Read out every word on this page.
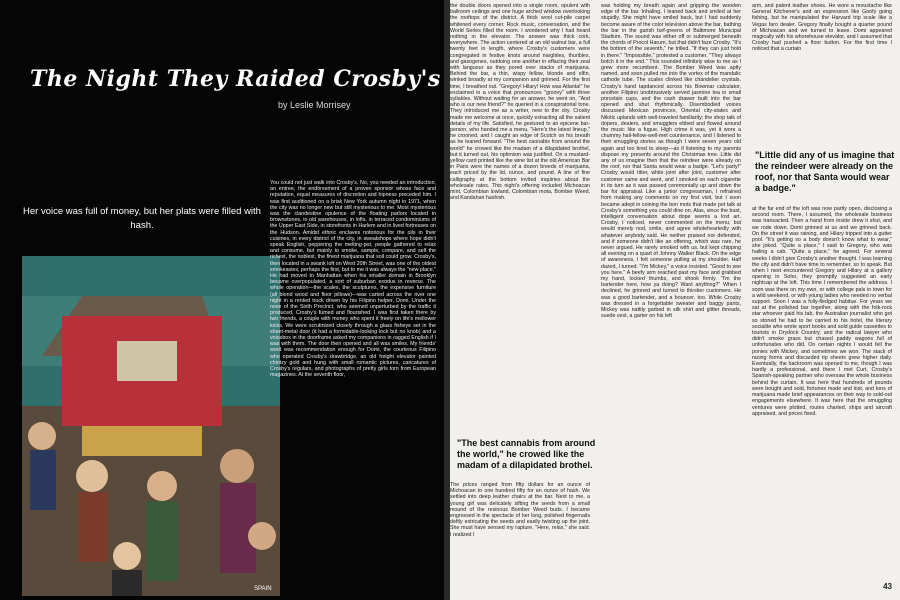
The Night They Raided Crosby's
by Leslie Morrisey
Her voice was full of money, but her plats were filled with hash.
SPAIN
You could not just walk into Crosby's. No, you needed an introduction, an entree, the endorsement of a proven sponsor whose face and reputation, equal measures of discretion and hipness preceded him. I was first auditioned on a brisk New York autumn night in 1971, when the city was no longer new but still mysterious to me. Most mysterious was the clandestine opulence of the floating parlors located in brownstones, in old warehouses, in lofts, in terraced condominiums of the Upper East Side, in storefronts in Harlem and in lived fortresses on the Hudson. Amidst ethnic enclaves notorious for the oils in their cuisines, in every district of the city, in sweatshops where hope didn't speak English, peppering the melting-pot, people gathered to relax and consume, but mainly to smoke, sample, compare, and sell the richest, the noblest, the finest marijuana that soil could grow. Crosby's, then located in a swank loft on West 20th Street, was one of the oldest smokeasies, perhaps the first, but to me it was always the "new place." He had moved to Manhattan when his smaller domain in Brooklyn became overpopulated, a sort of suburban exodus in reverse. The whole operation—the scales, the sculptures, the expensive furniture (all blond wood and floor pillows)—was carted across the river one night in a rented truck driven by his Filipino helper, Domi. Under the nose of the Sixth Precinct, who seemed unperturbed by the traffic it produced, Crosby's fumed and flourished. I was first taken there by two friends, a couple with money who spent it freely on life's mellower kicks. We were scrutinized closely through a glass fisheye set in the sheet-metal door (it had a formidable-looking lock but no knob) and a voicebox in the doorframe asked my companions in ragged English if I was with them. The door then opened and all was smiles. My friends' word was recommendation enough for Domi, the courteous Filipino who operated Crosby's drawbridge, an old freight elevator painted chintzy gold and hung with small romantic pictures, caricatures of Crosby's regulars, and photographs of pretty girls torn from European magazines. At the seventh floor,

the double doors opened into a single room, opulent with ballroom ceilings and one huge arched window overlooking the rooftops of the district. A thick wool cut-pile carpet whitened every corner. Rock music, conversation, and the World Series filled the room. I wondered why I had heard nothing in the elevator. The answer was thick cork, everywhere. The action centered at an old walnut bar, a full twenty feet in length, where Crosby's customers were congregated in festive knots around narghiles, thuribles, and gasogenes, outdoing one another in effacing their zeal with languour as they pored over stacks of marijuana. Behind the bar, a thin, wispy fellow, blonde and elfin, winked broadly at my companion and grinned. For the first time, I breathed out. "Gregory! Hilary! How was Atlanta!" he exclaimed in a voice that pronounces "groovy" with three syllables. Without waiting for an answer, he went on, "And who is our new friend?" he queried in a conspiratorial tone. They introduced me as a writer, new to the city. Crosby made me welcome at once, quickly extracting all the salient details of my life. Satisfied, he gestured to an epicene bar-person, who handed me a menu. "Here's the latest lineup," he crooned, and I caught an edge of Scotch on his breath as he leaned forward. "The best cannabis from around the world" he crowed like the madam of a dilapidated brothel, but it turned out, his optimism was justified. On a mustard-yellow card printed like the wine list at the old American Bar in Paris were the names of a dozen breeds of marijuana, each priced by the lid, ounce, and pound. A line of fine calligraphy at the bottom invited inquiries about the wholesale rates. This night's offering included Michoacan mint, Colombian lowland, Colombian mota, Bomber Weed, and Kandahari hashish.

"The best cannabis from around the world," he crowed like the madam of a dilapidated brothel.

The prices ranged from fifty dollars for an ounce of Michoacan to one hundred fifty for an ounce of hash. We settled into deep leather chairs at the bar. Next to me, a young girl was delicately sifting the seeds from a small mound of the resinous Bomber Weed buds. I became engrossed in the spectacle of her long, polished fingernails deftly extricating the seeds and easily twisting up the joint. She must have sensed my rapture. "Here, relax," she said. I realized I

was holding my breath again and gripping the wooden edge of the bar. Inhaling, I leaned back and smiled at her stupidly. She might have smiled back, but I had suddenly become aware of the color television above the bar, bathing the bar in the garish turf-greens of Baltimore Municipal Stadium. The sound was either off or submerged beneath the chords of Procol Harum, but that didn't faze Crosby. "It's the bottom of the seventh," he trilled. "If they can just hold in there." "Impossible," protested a customer. "They always botch it in the end." This sounded infinitely wise to me as I grew more recumbent. The Bomber Weed was aptly named, and soon pulled me into the vortex of the mandalic cathode tube. The scales clinked like chandelier crystals. Crosby's hand tapdanced across his Bowmar calculator, another Filipino unobtrusively served jasmine tea in small porcelain cups, and the cash drawer built into the bar opened and shut rhythmically. Disembodied voices discussed Mexican provinces, Oriental city-states and Nilotic uplands with well-traveled familiarity; the shop talk of dopers, dealers, and smugglers ebbed and flowed around the music like a fugue. High crime it was, yet it wore a chummy hail-fellow-well-met countenance, and I listened to their smuggling stories as though I were seven years old again and too tired to sleep—as if listening to my parents dispose my presents around the Christmas tree. Little did any of us imagine then that the reindeer were already on the roof, nor that Santa would wear a badge. "Let's party!" Crosby would titter, while joint after joint, customer after customer came and went, and I smoked on each cigarette in its turn as it was passed ceremonially up and down the bar for appraisal. Like a junior congressman, I refrained from making any comments on my first visit, but I soon became adept in coining the bon mots that made pot talk at Crosby's something you could dine on. Alas, since the bust, intelligent conversation about dope seems a lost art. Crosby, I noticed, never commented on the menu, but would merely nod, smile, and agree wholeheartedly with whatever anybody said. He neither praised nor defended, and if someone didn't like an offering, which was rare, he never argued. He rarely smoked with us, but kept chipping all evening on a quart of Johnny Walker Black. On the edge of awareness, I felt someone pulling at my shoulder. Half dazed, I turned. "I'm Mickey," a voice insisted. "Good to see you here." A beefy arm reached past my face and grabbed my hand, locked thumbs, and shook firmly. "I'm the bartender here, how ya doing? Want anything?" When I declined, he grinned and turned to thirstier customers. He was a good bartender, and a bouncer, too. While Crosby was dressed in a forgettable sweater and baggy pants, Mickey was nattily garbed in silk shirt and glitter threads, suede vest, a garter on his left

arm, and patent leather shoes. He wore a moustache like General Kitchener's and an expression like Goofy going fishing, but he manipulated the Harvard trip scale like a Vegas faro dealer. Gregory finally bought a quarter pound of Michoacan and we turned to leave. Domi appeared magically with his whorehouse elevator, and I assumed that Crosby had pushed a floor button. For the first time I noticed that a curtain

"Little did any of us imagine that the reindeer were already on the roof, nor that Santa would wear a badge."

at the far end of the loft was now partly open, disclosing a second room. There, I assumed, the wholesale business was transacted. Then a hand from inside drew it shut, and we rode down. Domi grinned at us and we grinned back. On the street it was raining, and Hilary tripped into a gutter pool. "It's getting so a body doesn't know what to wear," she joked. "Quite a place," I said to Gregory, who was hailing a cab. "Quite a place," he agreed. For several weeks I didn't give Crosby's another thought. I was learning the city and didn't have time to remember, so to speak. But when I next encountered Gregory and Hilary at a gallery opening in Soho, they promptly suggested an early nightcap at the loft. This time I remembered the address. I soon was there on my own, or with college pals in town for a wild weekend, or with young ladies who needed no verbal support. Soon I was a fully-fledged habitue. For years we sat at the polished bar together, along with the folk-rock star whoever paid his tab, the Australian journalist who got so stoned he had to be carried to his hotel, the literary socialite who wrote sport books and sold guide cassettes to tourists in Drydock Country, and the radical lawyer who didn't smoke grass but chased paddy wagons full of unfortunates who did. On certain nights I would fell the ponies with Mickey, and sometimes we won. The stack of racing forms and discarded tip sheets grew higher daily. Eventually, the backroom was opened to me, though I was hardly a professional, and there I met Curt, Crosby's Spanish-speaking partner who oversaw the whole business behind the curtain. It was here that hundreds of pounds were bought and sold, fortunes made and lost, and tons of marijuana made brief appearances on their way to sold-out engagements elsewhere. It was here that the smuggling ventures were plotted, routes charted, ships and aircraft appraised, and prices fixed.

43
